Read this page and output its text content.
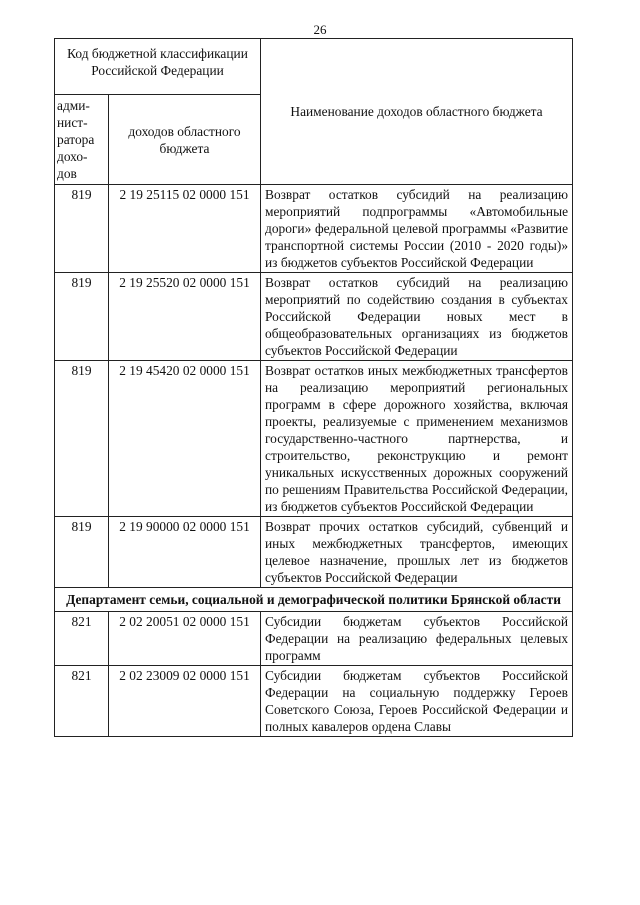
26
Код бюджетной классификации Российской Федерации		Наименование доходов областного бюджета
адми-нист-ратора дохо-дов	доходов областного бюджета	
819	2 19 25115 02 0000 151	Возврат остатков субсидий на реализацию мероприятий подпрограммы «Автомобильные дороги» федеральной целевой программы «Развитие транспортной системы России (2010 - 2020 годы)» из бюджетов субъектов Российской Федерации
819	2 19 25520 02 0000 151	Возврат остатков субсидий на реализацию мероприятий по содействию создания в субъектах Российской Федерации новых мест в общеобразовательных организациях из бюджетов субъектов Российской Федерации
819	2 19 45420 02 0000 151	Возврат остатков иных межбюджетных трансфертов на реализацию мероприятий региональных программ в сфере дорожного хозяйства, включая проекты, реализуемые с применением механизмов государственно-частного партнерства, и строительство, реконструкцию и ремонт уникальных искусственных дорожных сооружений по решениям Правительства Российской Федерации, из бюджетов субъектов Российской Федерации
819	2 19 90000 02 0000 151	Возврат прочих остатков субсидий, субвенций и иных межбюджетных трансфертов, имеющих целевое назначение, прошлых лет из бюджетов субъектов Российской Федерации
Департамент семьи, социальной и демографической политики Брянской области		
821	2 02 20051 02 0000 151	Субсидии бюджетам субъектов Российской Федерации на реализацию федеральных целевых программ
821	2 02 23009 02 0000 151	Субсидии бюджетам субъектов Российской Федерации на социальную поддержку Героев Советского Союза, Героев Российской Федерации и полных кавалеров ордена Славы
